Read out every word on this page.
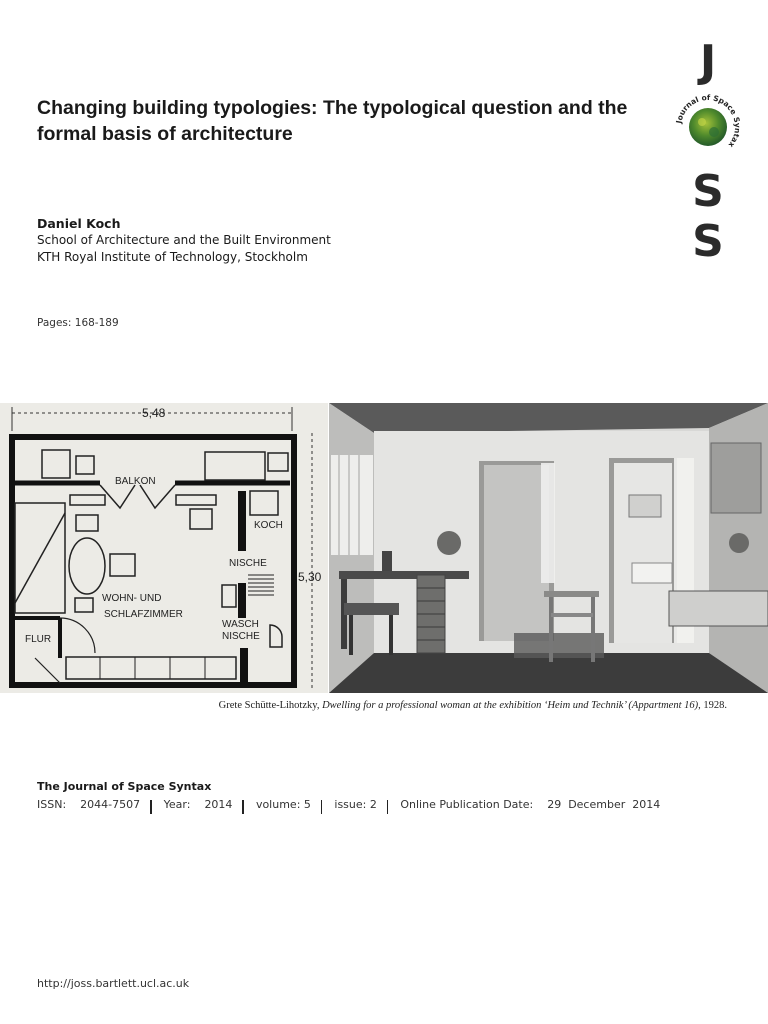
Changing building typologies: The typological question and the formal basis of architecture
Daniel Koch
School of Architecture and the Built Environment
KTH Royal Institute of Technology, Stockholm
Pages: 168-189
J
Journal of Space Syntax
S
S
5,48
5,30
BALKON
KOCH
NISCHE
WOHN- UND
SCHLAFZIMMER
WASCH
NISCHE
FLUR
Grete Schütte-Lihotzky, Dwelling for a professional woman at the exhibition ‘Heim und Technik’ (Appartment 16), 1928.
The Journal of Space Syntax
ISSN: 2044-7507 Year: 2014 volume: 5 issue: 2 Online Publication Date: 29  December  2014
http://joss.bartlett.ucl.ac.uk
